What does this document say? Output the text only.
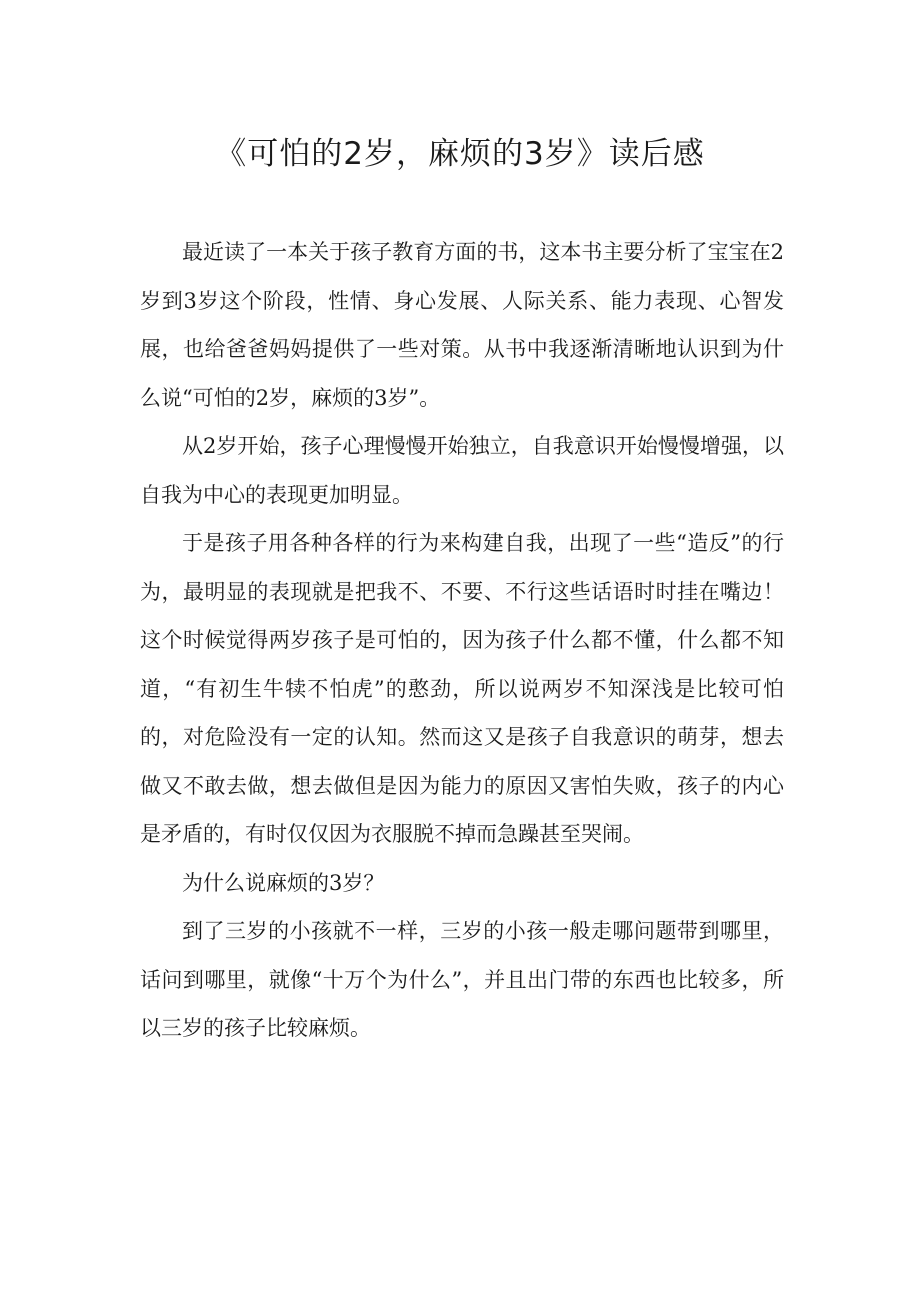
《可怕的2岁，麻烦的3岁》读后感

最近读了一本关于孩子教育方面的书，这本书主要分析了宝宝在2岁到3岁这个阶段，性情、身心发展、人际关系、能力表现、心智发展，也给爸爸妈妈提供了一些对策。从书中我逐渐清晰地认识到为什么说“可怕的2岁，麻烦的3岁”。

从2岁开始，孩子心理慢慢开始独立，自我意识开始慢慢增强，以自我为中心的表现更加明显。

于是孩子用各种各样的行为来构建自我，出现了一些“造反”的行为，最明显的表现就是把我不、不要、不行这些话语时时挂在嘴边！这个时候觉得两岁孩子是可怕的，因为孩子什么都不懂，什么都不知道，“有初生牛犊不怕虎”的憨劲，所以说两岁不知深浅是比较可怕的，对危险没有一定的认知。然而这又是孩子自我意识的萌芽，想去做又不敢去做，想去做但是因为能力的原因又害怕失败，孩子的内心是矛盾的，有时仅仅因为衣服脱不掉而急躁甚至哭闹。

为什么说麻烦的3岁？

到了三岁的小孩就不一样，三岁的小孩一般走哪问题带到哪里，话问到哪里，就像“十万个为什么”，并且出门带的东西也比较多，所以三岁的孩子比较麻烦。
